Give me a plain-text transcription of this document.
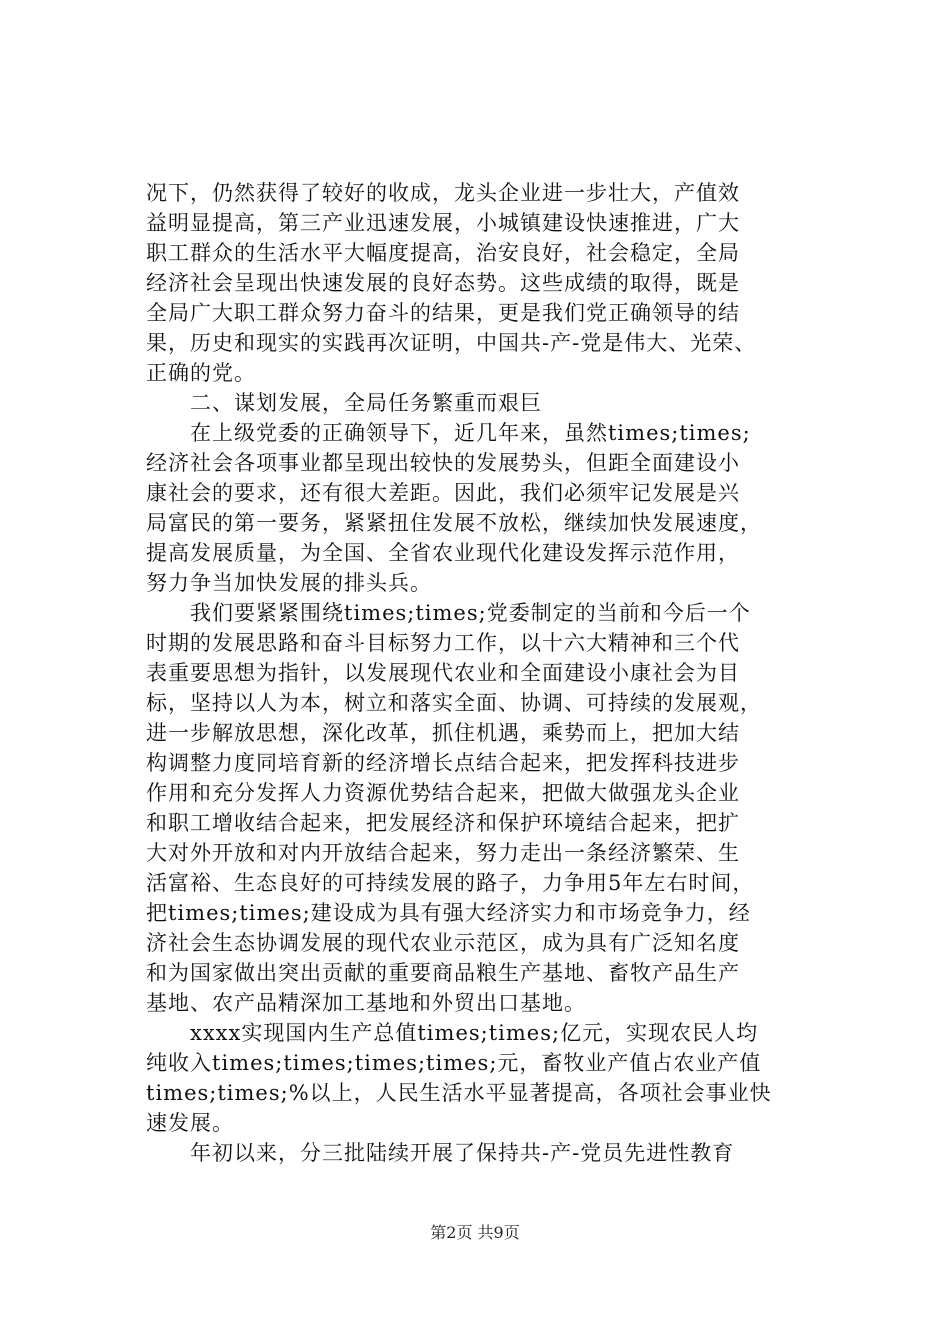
况下，仍然获得了较好的收成，龙头企业进一步壮大，产值效
益明显提高，第三产业迅速发展，小城镇建设快速推进，广大
职工群众的生活水平大幅度提高，治安良好，社会稳定，全局
经济社会呈现出快速发展的良好态势。这些成绩的取得，既是
全局广大职工群众努力奋斗的结果，更是我们党正确领导的结
果，历史和现实的实践再次证明，中国共-产-党是伟大、光荣、
正确的党。
　　二、谋划发展，全局任务繁重而艰巨
　　在上级党委的正确领导下，近几年来，虽然times;times;
经济社会各项事业都呈现出较快的发展势头，但距全面建设小
康社会的要求，还有很大差距。因此，我们必须牢记发展是兴
局富民的第一要务，紧紧扭住发展不放松，继续加快发展速度，
提高发展质量，为全国、全省农业现代化建设发挥示范作用，
努力争当加快发展的排头兵。
　　我们要紧紧围绕times;times;党委制定的当前和今后一个
时期的发展思路和奋斗目标努力工作，以十六大精神和三个代
表重要思想为指针，以发展现代农业和全面建设小康社会为目
标，坚持以人为本，树立和落实全面、协调、可持续的发展观，
进一步解放思想，深化改革，抓住机遇，乘势而上，把加大结
构调整力度同培育新的经济增长点结合起来，把发挥科技进步
作用和充分发挥人力资源优势结合起来，把做大做强龙头企业
和职工增收结合起来，把发展经济和保护环境结合起来，把扩
大对外开放和对内开放结合起来，努力走出一条经济繁荣、生
活富裕、生态良好的可持续发展的路子，力争用5年左右时间，
把times;times;建设成为具有强大经济实力和市场竞争力，经
济社会生态协调发展的现代农业示范区，成为具有广泛知名度
和为国家做出突出贡献的重要商品粮生产基地、畜牧产品生产
基地、农产品精深加工基地和外贸出口基地。
　　xxxx实现国内生产总值times;times;亿元，实现农民人均
纯收入times;times;times;times;元，畜牧业产值占农业产值
times;times;%以上，人民生活水平显著提高，各项社会事业快
速发展。
　　年初以来，分三批陆续开展了保持共-产-党员先进性教育
第2页 共9页
